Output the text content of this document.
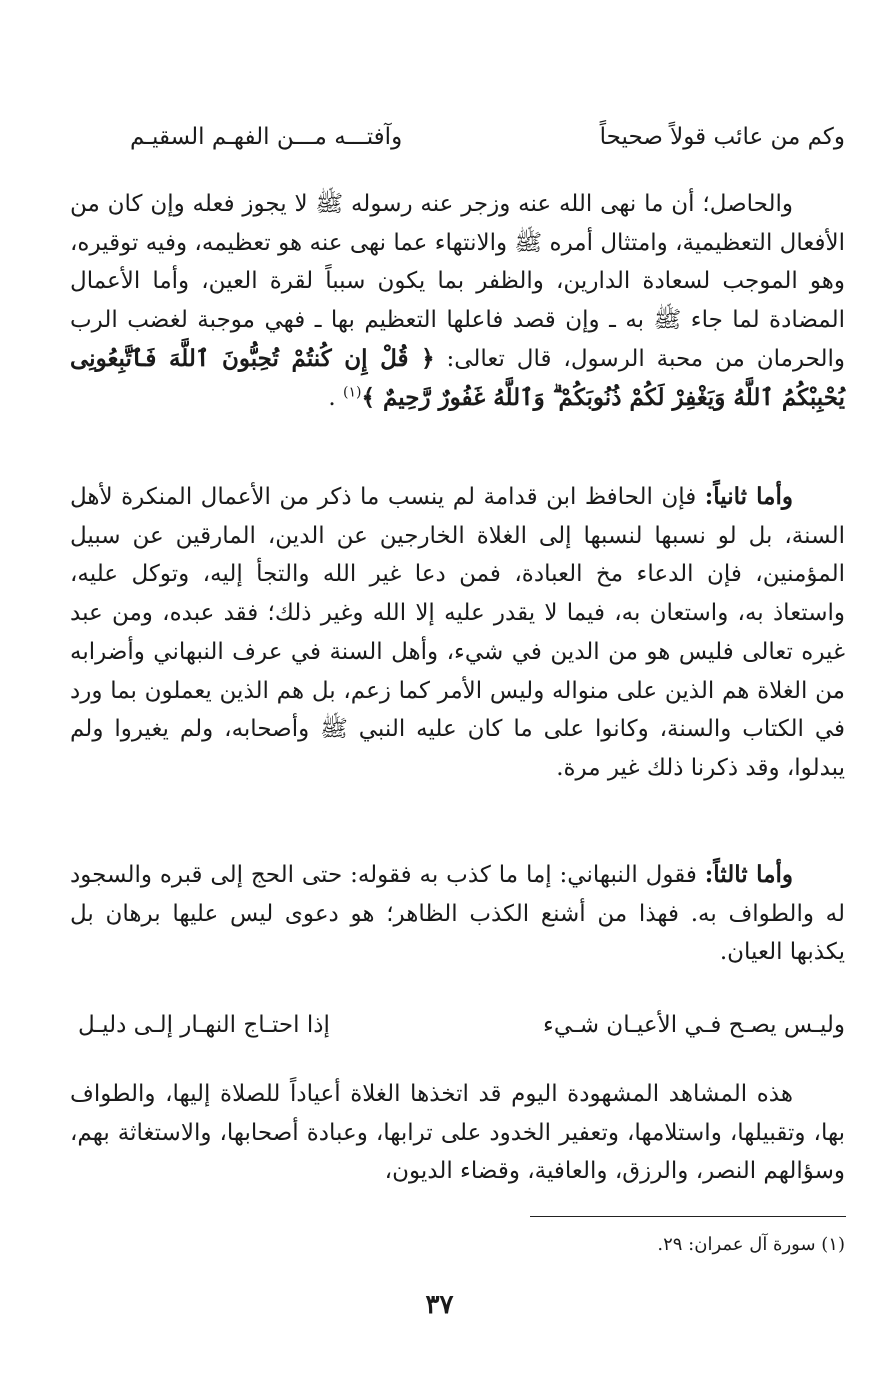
وكم من عائب قولاً صحيحاً
وآفتـــه مـــن الفهـم السقيـم
والحاصل؛ أن ما نهى الله عنه وزجر عنه رسوله ﷺ لا يجوز فعله وإن كان من الأفعال التعظيمية، وامتثال أمره ﷺ والانتهاء عما نهى عنه هو تعظيمه، وفيه توقيره، وهو الموجب لسعادة الدارين، والظفر بما يكون سبباً لقرة العين، وأما الأعمال المضادة لما جاء ﷺ به ـ وإن قصد فاعلها التعظيم بها ـ فهي موجبة لغضب الرب والحرمان من محبة الرسول، قال تعالى: ﴿ قُلْ إِن كُنتُمْ تُحِبُّونَ ٱللَّهَ فَٱتَّبِعُونِى يُحْبِبْكُمُ ٱللَّهُ وَيَغْفِرْ لَكُمْ ذُنُوبَكُمْ ۗ وَٱللَّهُ غَفُورٌ رَّحِيمٌ ﴾$^{(١)}$ .
وأما ثانياً: فإن الحافظ ابن قدامة لم ينسب ما ذكر من الأعمال المنكرة لأهل السنة، بل لو نسبها لنسبها إلى الغلاة الخارجين عن الدين، المارقين عن سبيل المؤمنين، فإن الدعاء مخ العبادة، فمن دعا غير الله والتجأ إليه، وتوكل عليه، واستعاذ به، واستعان به، فيما لا يقدر عليه إلا الله وغير ذلك؛ فقد عبده، ومن عبد غيره تعالى فليس هو من الدين في شيء، وأهل السنة في عرف النبهاني وأضرابه من الغلاة هم الذين على منواله وليس الأمر كما زعم، بل هم الذين يعملون بما ورد في الكتاب والسنة، وكانوا على ما كان عليه النبي ﷺ وأصحابه، ولم يغيروا ولم يبدلوا، وقد ذكرنا ذلك غير مرة.
وأما ثالثاً: فقول النبهاني: إما ما كذب به فقوله: حتى الحج إلى قبره والسجود له والطواف به. فهذا من أشنع الكذب الظاهر؛ هو دعوى ليس عليها برهان بل يكذبها العيان.
وليـس يصـح فـي الأعيـان شـيء
إذا احتـاج النهـار إلـى دليـل
هذه المشاهد المشهودة اليوم قد اتخذها الغلاة أعياداً للصلاة إليها، والطواف بها، وتقبيلها، واستلامها، وتعفير الخدود على ترابها، وعبادة أصحابها، والاستغاثة بهم، وسؤالهم النصر، والرزق، والعافية، وقضاء الديون،
(١) سورة آل عمران: ٢٩.
٣٧
